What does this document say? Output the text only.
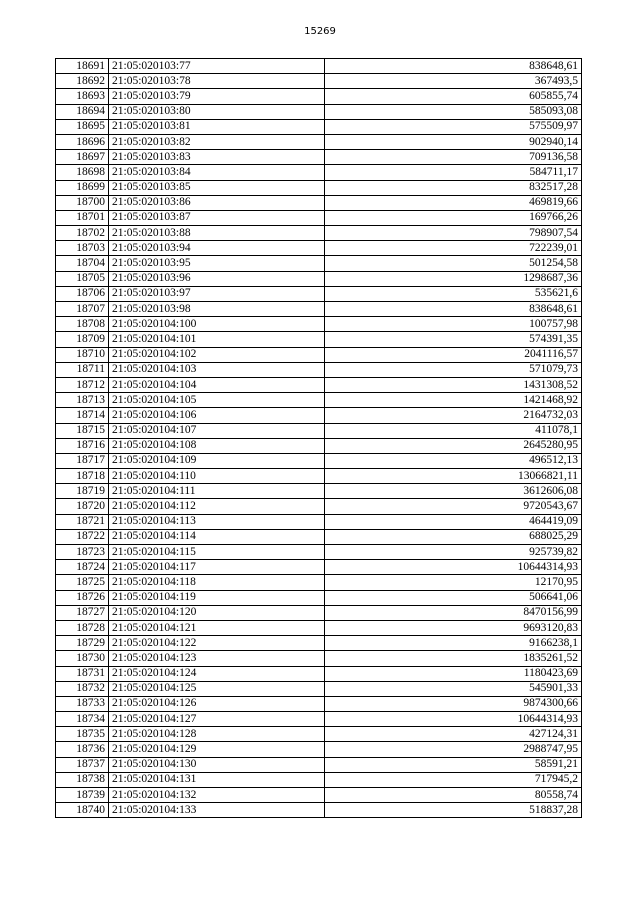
15269
18691	21:05:020103:77	838648,61
18692	21:05:020103:78	367493,5
18693	21:05:020103:79	605855,74
18694	21:05:020103:80	585093,08
18695	21:05:020103:81	575509,97
18696	21:05:020103:82	902940,14
18697	21:05:020103:83	709136,58
18698	21:05:020103:84	584711,17
18699	21:05:020103:85	832517,28
18700	21:05:020103:86	469819,66
18701	21:05:020103:87	169766,26
18702	21:05:020103:88	798907,54
18703	21:05:020103:94	722239,01
18704	21:05:020103:95	501254,58
18705	21:05:020103:96	1298687,36
18706	21:05:020103:97	535621,6
18707	21:05:020103:98	838648,61
18708	21:05:020104:100	100757,98
18709	21:05:020104:101	574391,35
18710	21:05:020104:102	2041116,57
18711	21:05:020104:103	571079,73
18712	21:05:020104:104	1431308,52
18713	21:05:020104:105	1421468,92
18714	21:05:020104:106	2164732,03
18715	21:05:020104:107	411078,1
18716	21:05:020104:108	2645280,95
18717	21:05:020104:109	496512,13
18718	21:05:020104:110	13066821,11
18719	21:05:020104:111	3612606,08
18720	21:05:020104:112	9720543,67
18721	21:05:020104:113	464419,09
18722	21:05:020104:114	688025,29
18723	21:05:020104:115	925739,82
18724	21:05:020104:117	10644314,93
18725	21:05:020104:118	12170,95
18726	21:05:020104:119	506641,06
18727	21:05:020104:120	8470156,99
18728	21:05:020104:121	9693120,83
18729	21:05:020104:122	9166238,1
18730	21:05:020104:123	1835261,52
18731	21:05:020104:124	1180423,69
18732	21:05:020104:125	545901,33
18733	21:05:020104:126	9874300,66
18734	21:05:020104:127	10644314,93
18735	21:05:020104:128	427124,31
18736	21:05:020104:129	2988747,95
18737	21:05:020104:130	58591,21
18738	21:05:020104:131	717945,2
18739	21:05:020104:132	80558,74
18740	21:05:020104:133	518837,28
